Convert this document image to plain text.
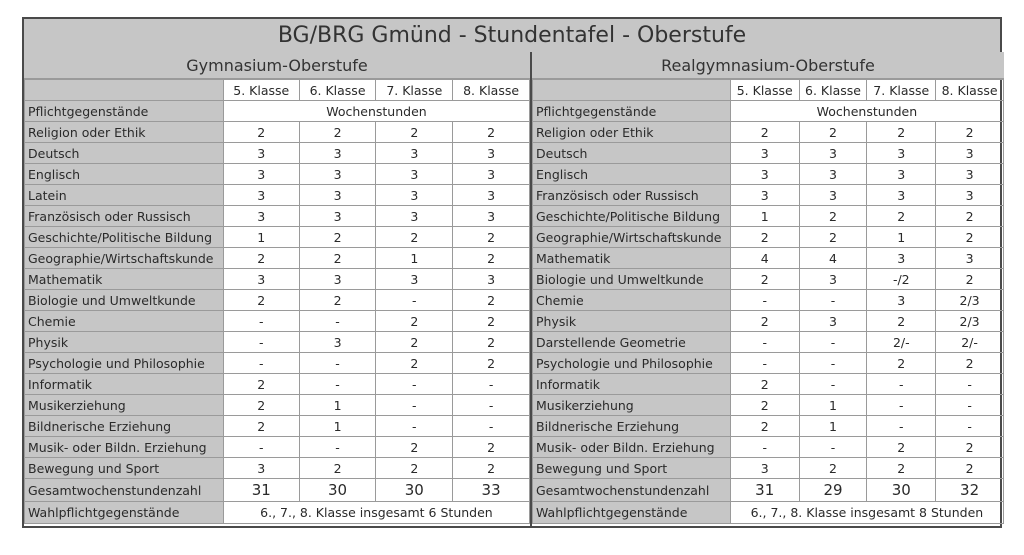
BG/BRG Gmünd - Stundentafel - Oberstufe
Gymnasium-Oberstufe
	5. Klasse	6. Klasse	7. Klasse	8. Klasse
Pflichtgegenstände	Wochenstunden			
Religion oder Ethik	2	2	2	2
Deutsch	3	3	3	3
Englisch	3	3	3	3
Latein	3	3	3	3
Französisch oder Russisch	3	3	3	3
Geschichte/Politische Bildung	1	2	2	2
Geographie/Wirtschaftskunde	2	2	1	2
Mathematik	3	3	3	3
Biologie und Umweltkunde	2	2	-	2
Chemie	-	-	2	2
Physik	-	3	2	2
Psychologie und Philosophie	-	-	2	2
Informatik	2	-	-	-
Musikerziehung	2	1	-	-
Bildnerische Erziehung	2	1	-	-
Musik- oder Bildn. Erziehung	-	-	2	2
Bewegung und Sport	3	2	2	2
Gesamtwochenstundenzahl	31	30	30	33
Wahlpflichtgegenstände	6., 7., 8. Klasse insgesamt 6 Stunden			
Realgymnasium-Oberstufe
	5. Klasse	6. Klasse	7. Klasse	8. Klasse
Pflichtgegenstände	Wochenstunden			
Religion oder Ethik	2	2	2	2
Deutsch	3	3	3	3
Englisch	3	3	3	3
Französisch oder Russisch	3	3	3	3
Geschichte/Politische Bildung	1	2	2	2
Geographie/Wirtschaftskunde	2	2	1	2
Mathematik	4	4	3	3
Biologie und Umweltkunde	2	3	-/2	2
Chemie	-	-	3	2/3
Physik	2	3	2	2/3
Darstellende Geometrie	-	-	2/-	2/-
Psychologie und Philosophie	-	-	2	2
Informatik	2	-	-	-
Musikerziehung	2	1	-	-
Bildnerische Erziehung	2	1	-	-
Musik- oder Bildn. Erziehung	-	-	2	2
Bewegung und Sport	3	2	2	2
Gesamtwochenstundenzahl	31	29	30	32
Wahlpflichtgegenstände	6., 7., 8. Klasse insgesamt 8 Stunden			
